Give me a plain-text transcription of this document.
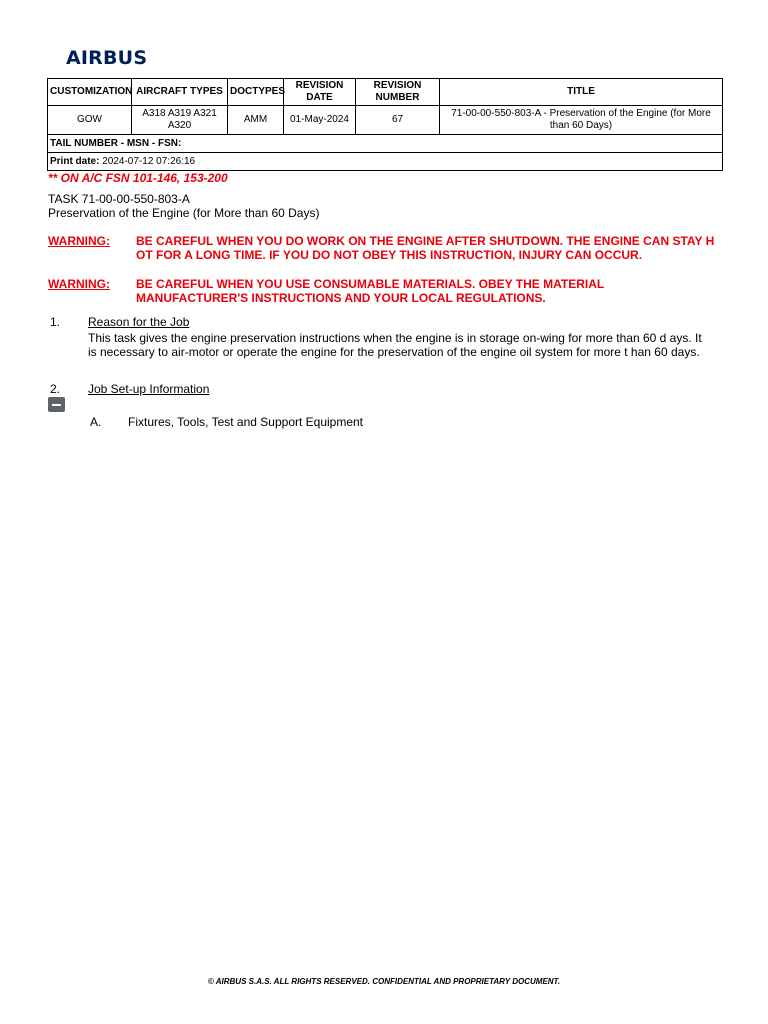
AIRBUS
CUSTOMIZATION	AIRCRAFT TYPES	DOCTYPES	REVISION DATE	REVISION NUMBER	TITLE
GOW	A318 A319 A321 A320	AMM	01-May-2024	67	71-00-00-550-803-A - Preservation of the Engine (for More than 60 Days)
TAIL NUMBER - MSN - FSN:					
Print date: 2024-07-12 07:26:16					
** ON A/C FSN 101-146, 153-200
TASK 71-00-00-550-803-A
Preservation of the Engine (for More than 60 Days)
WARNING: BE CAREFUL WHEN YOU DO WORK ON THE ENGINE AFTER SHUTDOWN. THE ENGINE CAN STAY H OT FOR A LONG TIME. IF YOU DO NOT OBEY THIS INSTRUCTION, INJURY CAN OCCUR.
WARNING: BE CAREFUL WHEN YOU USE CONSUMABLE MATERIALS. OBEY THE MATERIAL MANUFACTURER'S INSTRUCTIONS AND YOUR LOCAL REGULATIONS.
1. Reason for the Job
This task gives the engine preservation instructions when the engine is in storage on-wing for more than 60 d ays. It is necessary to air-motor or operate the engine for the preservation of the engine oil system for more t han 60 days.
2. Job Set-up Information
A. Fixtures, Tools, Test and Support Equipment
© AIRBUS S.A.S. ALL RIGHTS RESERVED. CONFIDENTIAL AND PROPRIETARY DOCUMENT.
